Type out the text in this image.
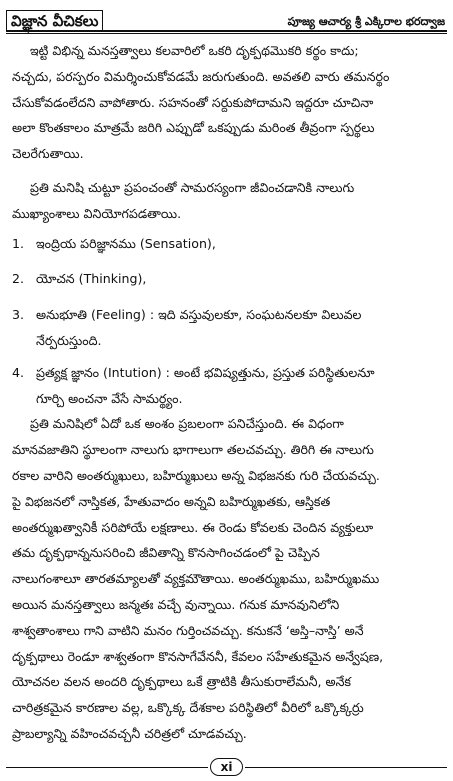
విజ్ఞాన వీచికలు	పూజ్య ఆచార్య శ్రీ ఎక్కిరాల భరద్వాజ

ఇట్టి విభిన్న మనస్తత్వాలు కలవారిలో ఒకరి దృక్పథమొకరి కర్థం కాదు;
నచ్చదు, పరస్పరం విమర్శించుకోవడమే జరుగుతుంది. అవతలి వారు తమనర్థం
చేసుకోవడంలేదని వాపోతారు. సహనంతో సర్దుకుపోదామని ఇద్దరూ చూచినా
అలా కొంతకాలం మాత్రమే జరిగి ఎప్పుడో ఒకప్పుడు మరింత తీవ్రంగా స్పర్థలు
చెలరేగుతాయి.

ప్రతి మనిషి చుట్టూ ప్రపంచంతో సామరస్యంగా జీవించడానికి నాలుగు
ముఖ్యాంశాలు వినియోగపడతాయి.

1. ఇంద్రియ పరిజ్ఞానము (Sensation),
2. యోచన (Thinking),
3. అనుభూతి (Feeling) : ఇది వస్తువులకూ, సంఘటనలకూ విలువల
నేర్పరుస్తుంది.
4. ప్రత్యక్ష జ్ఞానం (Intution) : అంటే భవిష్యత్తును, ప్రస్తుత పరిస్థితులనూ
గూర్చి అంచనా వేసే సామర్థ్యం.

ప్రతి మనిషిలో ఏదో ఒక అంశం ప్రబలంగా పనిచేస్తుంది. ఈ విధంగా
మానవజాతిని స్థూలంగా నాలుగు భాగాలుగా తలచవచ్చు. తిరిగి ఈ నాలుగు
రకాల వారిని అంతర్ముఖులు, బహిర్ముఖులు అన్న విభజనకు గురి చేయవచ్చు.
పై విభజనలో నాస్తికత, హేతువాదం అన్నవి బహిర్ముఖతకు, ఆస్తికత
అంతర్ముఖత్వానికీ సరిపోయే లక్షణాలు. ఈ రెండు కోవలకు చెందిన వ్యక్తులూ
తమ దృక్పథాన్ననుసరించి జీవితాన్ని కొనసాగించడంలో పై చెప్పిన
నాలుగంశాలూ తారతమ్యాలతో వ్యక్తమౌతాయి. అంతర్ముఖము, బహిర్ముఖము
అయిన మనస్తత్వాలు జన్మతః వచ్చే వున్నాయి. గనుక మానవునిలోని
శాశ్వతాంశాలు గాని వాటిని మనం గుర్తించవచ్చు. కనుకనే ‘అస్తి–నాస్తి’ అనే
దృక్పథాలు రెండూ శాశ్వతంగా కొనసాగేవేననీ, కేవలం సహేతుకమైన అన్వేషణ,
యోచనల వలన అందరి దృక్పథాలు ఒకే త్రాటికి తీసుకురాలేమనీ, అనేక
చారిత్రకమైన కారణాల వల్ల, ఒక్కొక్క దేశకాల పరిస్థితిలో వీరిలో ఒక్కొక్కర్రు
ప్రాబల్యాన్ని వహించవచ్చనీ చరిత్రలో చూడవచ్చు.

xi
